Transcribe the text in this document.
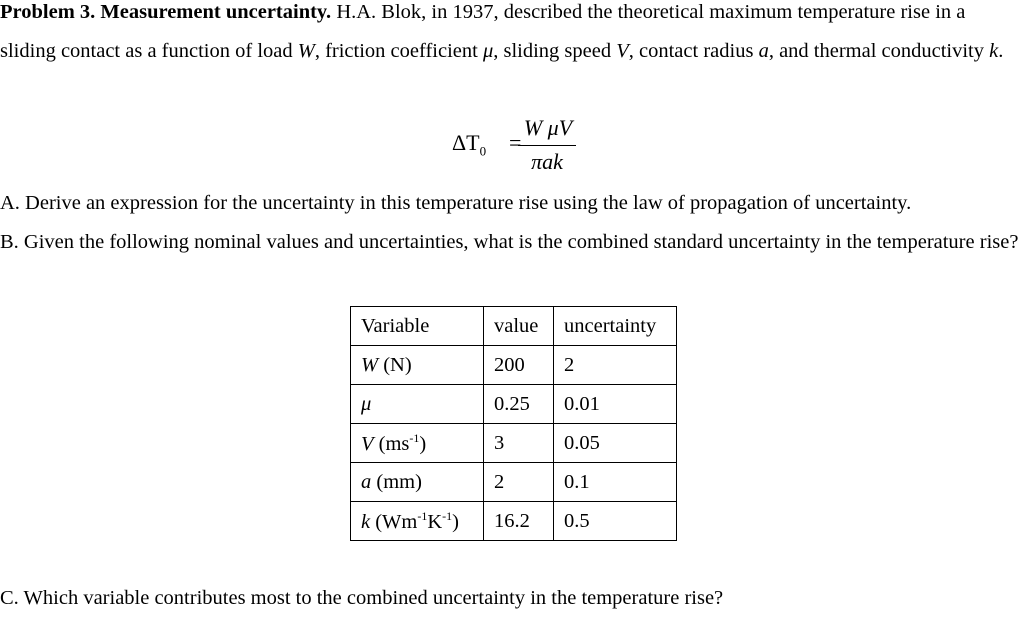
Problem 3. Measurement uncertainty. H.A. Blok, in 1937, described the theoretical maximum temperature rise in a sliding contact as a function of load W, friction coefficient μ, sliding speed V, contact radius a, and thermal conductivity k.

$\Delta T_0$ =
W μV
πak

A. Derive an expression for the uncertainty in this temperature rise using the law of propagation of uncertainty.

B. Given the following nominal values and uncertainties, what is the combined standard uncertainty in the temperature rise?

Variable	value	uncertainty
W (N)	200	2
μ	0.25	0.01
V $(ms^{-1})$	3	0.05
a (mm)	2	0.1
k $(Wm^{-1}K^{-1})$	16.2	0.5

C. Which variable contributes most to the combined uncertainty in the temperature rise?
